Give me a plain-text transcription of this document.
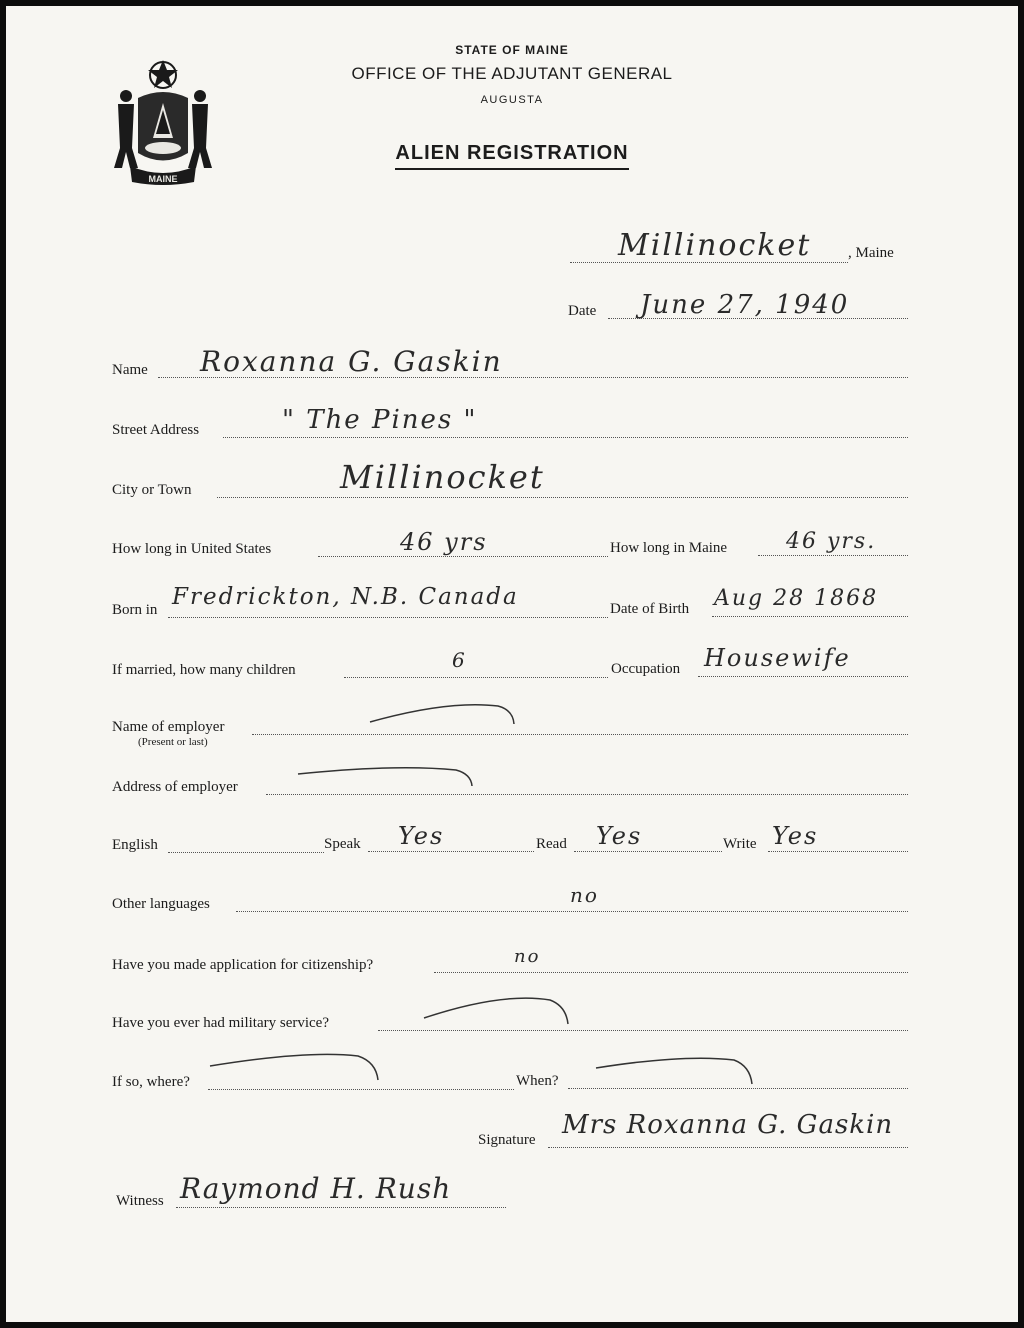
MAINE
STATE OF MAINE
OFFICE OF THE ADJUTANT GENERAL
AUGUSTA
ALIEN REGISTRATION
Millinocket , Maine
Date June 27, 1940
Name Roxanna G. Gaskin
Street Address	" The Pines "
City or Town	Millinocket
How long in United States	46 yrs	How long in Maine	46 yrs.
Born in Fredrickton, N.B. Canada	Date of Birth Aug 28 1868
If married, how many children	6	Occupation Housewife
Name of employer
(Present or last)
Address of employer
English	Speak Yes	Read Yes	Write Yes
Other languages	no
Have you made application for citizenship?	no
Have you ever had military service?
If so, where?	When?
Signature Mrs Roxanna G. Gaskin
Witness Raymond H. Rush
